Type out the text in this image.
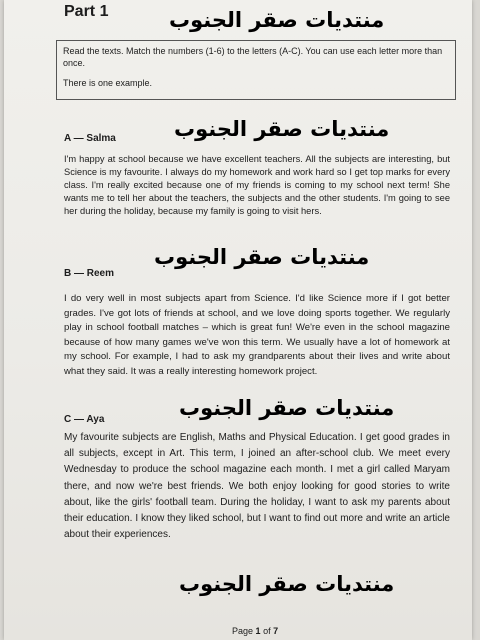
Part 1	منتديات صقر الجنوب

Read the texts. Match the numbers (1-6) to the letters (A-C). You can use each letter more than once.

There is one example.

منتديات صقر الجنوب
A — Salma
I'm happy at school because we have excellent teachers. All the subjects are interesting, but Science is my favourite. I always do my homework and work hard so I get top marks for every class. I'm really excited because one of my friends is coming to my school next term! She wants me to tell her about the teachers, the subjects and the other students. I'm going to see her during the holiday, because my family is going to visit hers.
منتديات صقر الجنوب
B — Reem
I do very well in most subjects apart from Science. I'd like Science more if I got better grades. I've got lots of friends at school, and we love doing sports together. We regularly play in school football matches – which is great fun! We're even in the school magazine because of how many games we've won this term. We usually have a lot of homework at my school. For example, I had to ask my grandparents about their lives and write about what they said. It was a really interesting homework project.
منتديات صقر الجنوب
C — Aya
My favourite subjects are English, Maths and Physical Education. I get good grades in all subjects, except in Art. This term, I joined an after-school club. We meet every Wednesday to produce the school magazine each month. I met a girl called Maryam there, and now we're best friends. We both enjoy looking for good stories to write about, like the girls' football team. During the holiday, I want to ask my parents about their education. I know they liked school, but I want to find out more and write an article about their experiences.
منتديات صقر الجنوب
Page 1 of 7
